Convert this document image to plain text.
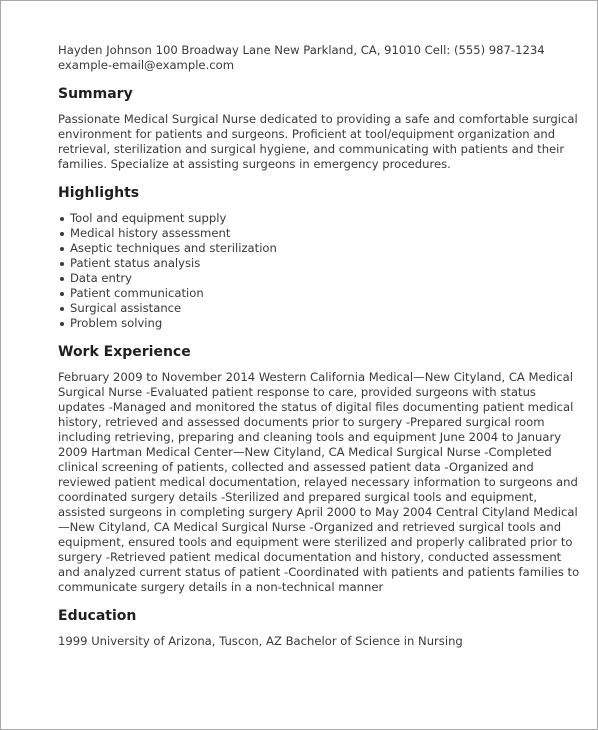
Hayden Johnson 100 Broadway Lane New Parkland, CA, 91010 Cell: (555) 987-1234 example-email@example.com

Summary

Passionate Medical Surgical Nurse dedicated to providing a safe and comfortable surgical environment for patients and surgeons. Proficient at tool/equipment organization and retrieval, sterilization and surgical hygiene, and communicating with patients and their families. Specialize at assisting surgeons in emergency procedures.

Highlights
Tool and equipment supply
Medical history assessment
Aseptic techniques and sterilization
Patient status analysis
Data entry
Patient communication
Surgical assistance
Problem solving
Work Experience

February 2009 to November 2014 Western California Medical—New Cityland, CA Medical Surgical Nurse -Evaluated patient response to care, provided surgeons with status updates -Managed and monitored the status of digital files documenting patient medical history, retrieved and assessed documents prior to surgery -Prepared surgical room including retrieving, preparing and cleaning tools and equipment June 2004 to January 2009 Hartman Medical Center—New Cityland, CA Medical Surgical Nurse -Completed clinical screening of patients, collected and assessed patient data -Organized and reviewed patient medical documentation, relayed necessary information to surgeons and coordinated surgery details -Sterilized and prepared surgical tools and equipment, assisted surgeons in completing surgery April 2000 to May 2004 Central Cityland Medical—New Cityland, CA Medical Surgical Nurse -Organized and retrieved surgical tools and equipment, ensured tools and equipment were sterilized and properly calibrated prior to surgery -Retrieved patient medical documentation and history, conducted assessment and analyzed current status of patient -Coordinated with patients and patients families to communicate surgery details in a non-technical manner

Education

1999 University of Arizona, Tuscon, AZ Bachelor of Science in Nursing
